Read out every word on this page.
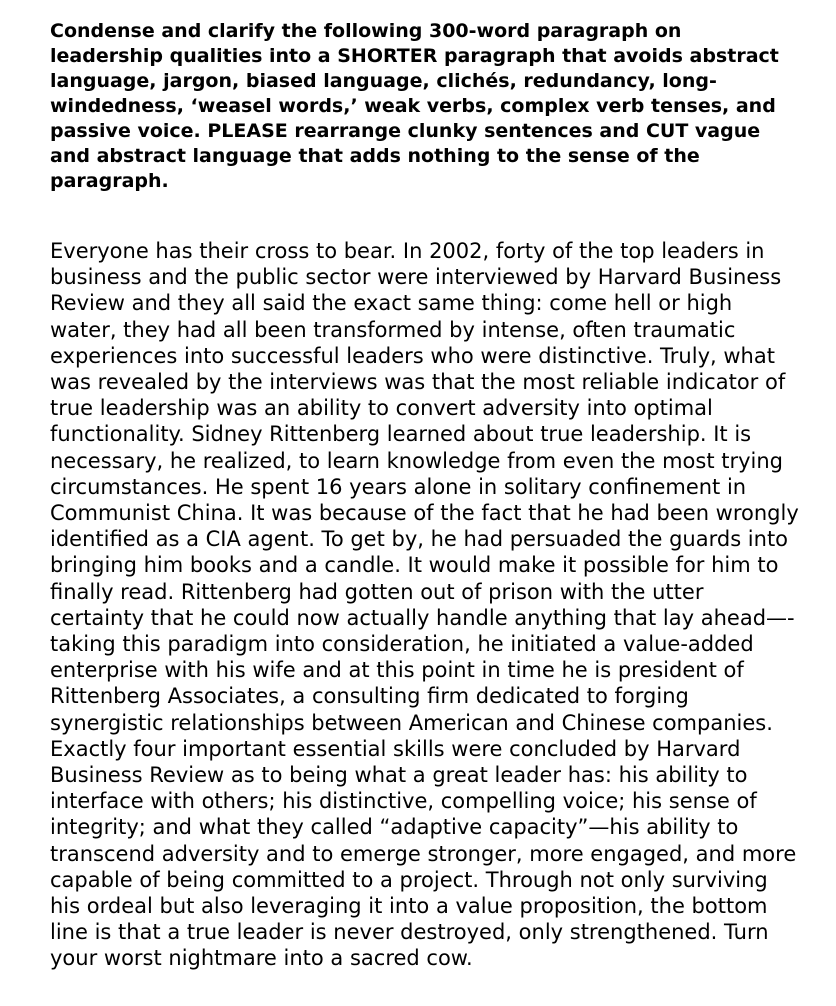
Condense and clarify the following 300-word paragraph on
leadership qualities into a SHORTER paragraph that avoids abstract
language, jargon, biased language, clichés, redundancy, long-
windedness, ‘weasel words,’ weak verbs, complex verb tenses, and
passive voice. PLEASE rearrange clunky sentences and CUT vague
and abstract language that adds nothing to the sense of the
paragraph.
Everyone has their cross to bear. In 2002, forty of the top leaders in
business and the public sector were interviewed by Harvard Business
Review and they all said the exact same thing: come hell or high
water, they had all been transformed by intense, often traumatic
experiences into successful leaders who were distinctive. Truly, what
was revealed by the interviews was that the most reliable indicator of
true leadership was an ability to convert adversity into optimal
functionality. Sidney Rittenberg learned about true leadership. It is
necessary, he realized, to learn knowledge from even the most trying
circumstances. He spent 16 years alone in solitary confinement in
Communist China. It was because of the fact that he had been wrongly
identified as a CIA agent. To get by, he had persuaded the guards into
bringing him books and a candle. It would make it possible for him to
finally read. Rittenberg had gotten out of prison with the utter
certainty that he could now actually handle anything that lay ahead—-
taking this paradigm into consideration, he initiated a value-added
enterprise with his wife and at this point in time he is president of
Rittenberg Associates, a consulting firm dedicated to forging
synergistic relationships between American and Chinese companies.
Exactly four important essential skills were concluded by Harvard
Business Review as to being what a great leader has: his ability to
interface with others; his distinctive, compelling voice; his sense of
integrity; and what they called “adaptive capacity”—his ability to
transcend adversity and to emerge stronger, more engaged, and more
capable of being committed to a project. Through not only surviving
his ordeal but also leveraging it into a value proposition, the bottom
line is that a true leader is never destroyed, only strengthened. Turn
your worst nightmare into a sacred cow.
